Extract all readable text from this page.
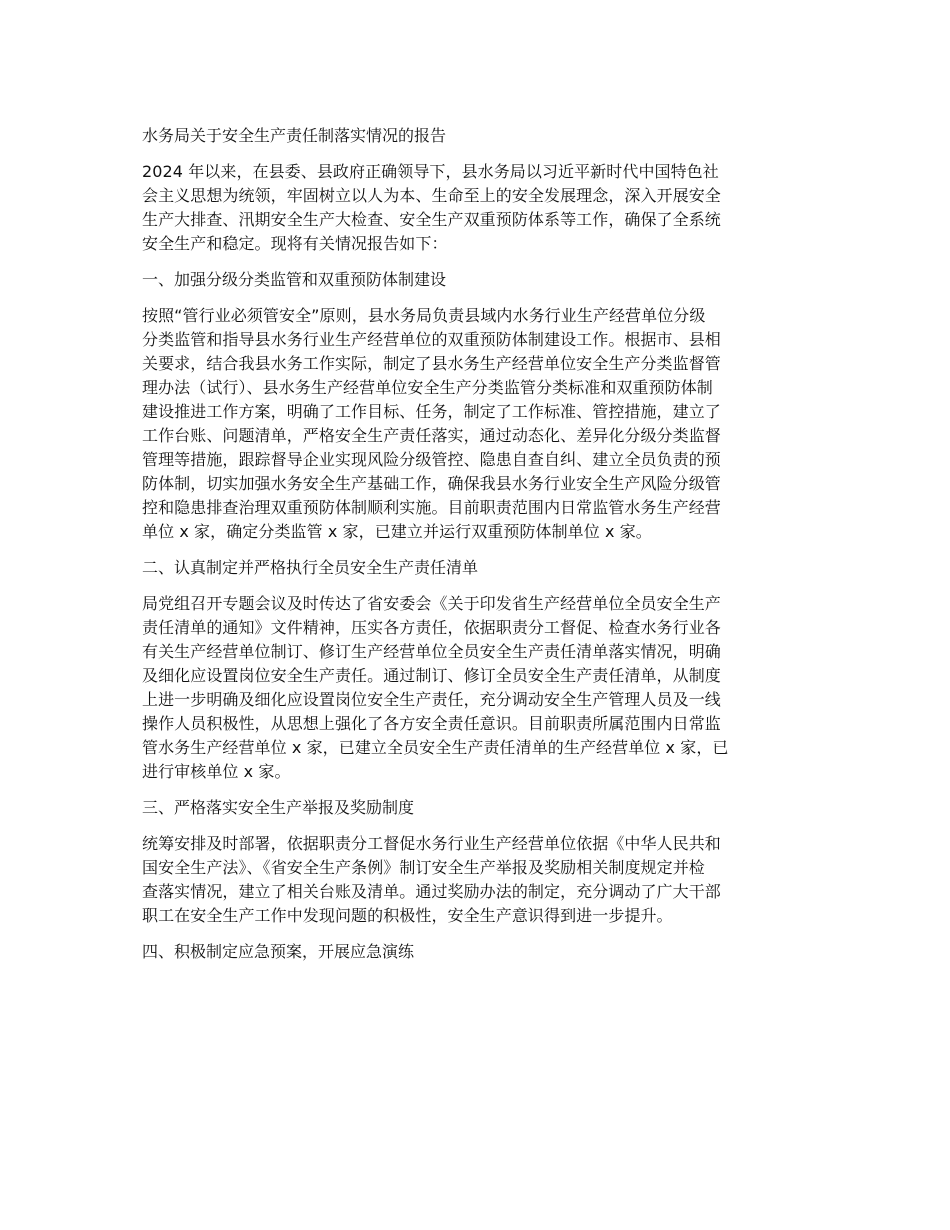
水务局关于安全生产责任制落实情况的报告
2024 年以来，在县委、县政府正确领导下，县水务局以习近平新时代中国特色社
会主义思想为统领，牢固树立以人为本、生命至上的安全发展理念，深入开展安全
生产大排查、汛期安全生产大检查、安全生产双重预防体系等工作，确保了全系统
安全生产和稳定。现将有关情况报告如下：
一、加强分级分类监管和双重预防体制建设
按照“管行业必须管安全”原则，县水务局负责县域内水务行业生产经营单位分级
分类监管和指导县水务行业生产经营单位的双重预防体制建设工作。根据市、县相
关要求，结合我县水务工作实际，制定了县水务生产经营单位安全生产分类监督管
理办法（试行）、县水务生产经营单位安全生产分类监管分类标准和双重预防体制
建设推进工作方案，明确了工作目标、任务，制定了工作标准、管控措施，建立了
工作台账、问题清单，严格安全生产责任落实，通过动态化、差异化分级分类监督
管理等措施，跟踪督导企业实现风险分级管控、隐患自查自纠、建立全员负责的预
防体制，切实加强水务安全生产基础工作，确保我县水务行业安全生产风险分级管
控和隐患排查治理双重预防体制顺利实施。目前职责范围内日常监管水务生产经营
单位 x 家，确定分类监管 x 家，已建立并运行双重预防体制单位 x 家。
二、认真制定并严格执行全员安全生产责任清单
局党组召开专题会议及时传达了省安委会《关于印发省生产经营单位全员安全生产
责任清单的通知》文件精神，压实各方责任，依据职责分工督促、检查水务行业各
有关生产经营单位制订、修订生产经营单位全员安全生产责任清单落实情况，明确
及细化应设置岗位安全生产责任。通过制订、修订全员安全生产责任清单，从制度
上进一步明确及细化应设置岗位安全生产责任，充分调动安全生产管理人员及一线
操作人员积极性，从思想上强化了各方安全责任意识。目前职责所属范围内日常监
管水务生产经营单位 x 家，已建立全员安全生产责任清单的生产经营单位 x 家，已
进行审核单位 x 家。
三、严格落实安全生产举报及奖励制度
统筹安排及时部署，依据职责分工督促水务行业生产经营单位依据《中华人民共和
国安全生产法》、《省安全生产条例》制订安全生产举报及奖励相关制度规定并检
查落实情况，建立了相关台账及清单。通过奖励办法的制定，充分调动了广大干部
职工在安全生产工作中发现问题的积极性，安全生产意识得到进一步提升。
四、积极制定应急预案，开展应急演练
